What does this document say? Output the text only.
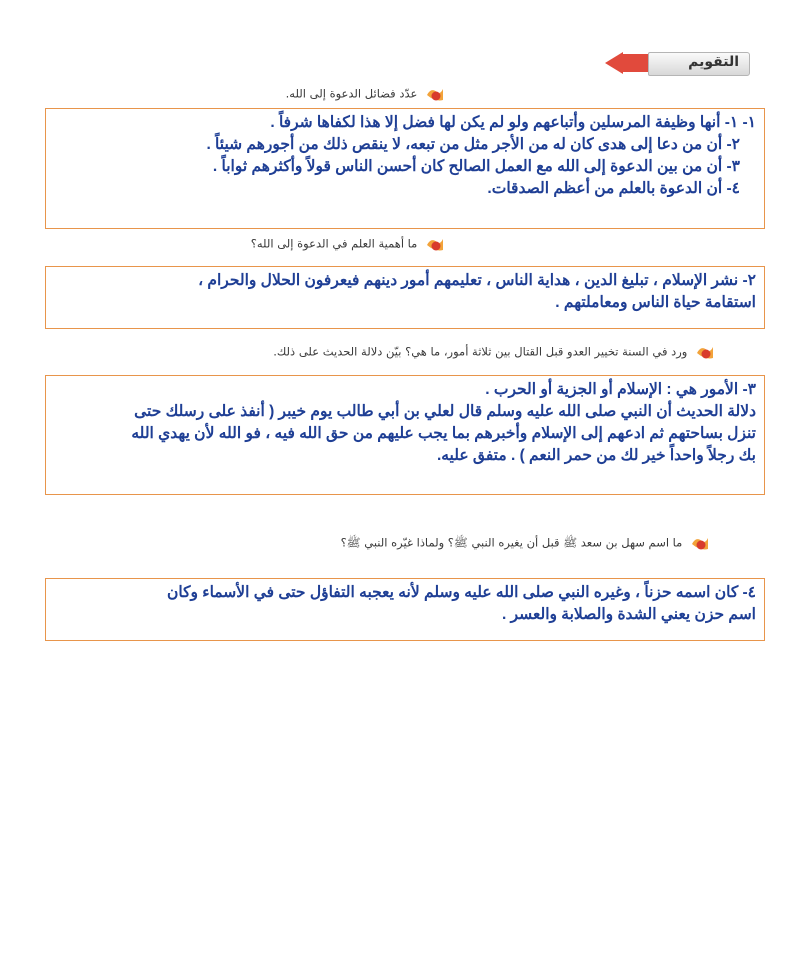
التقويم
عدّد فضائل الدعوة إلى الله.

١- ١- أنها وظيفة المرسلين وأتباعهم ولو لم يكن لها فضل إلا هذا لكفاها شرفاً .

٢- أن من دعا إلى هدى كان له من الأجر مثل من تبعه، لا ينقص ذلك من أجورهم شيئاً .

٣- أن من بين الدعوة إلى الله مع العمل الصالح كان أحسن الناس قولاً وأكثرهم ثواباً .

٤- أن الدعوة بالعلم من أعظم الصدقات.

ما أهمية العلم في الدعوة إلى الله؟

٢- نشر الإسلام ، تبليغ الدين ، هداية الناس ، تعليمهم أمور دينهم فيعرفون الحلال والحرام ،

استقامة حياة الناس ومعاملتهم .

ورد في السنة تخيير العدو قبل القتال بين ثلاثة أمور، ما هي؟ بيّن دلالة الحديث على ذلك.

٣- الأمور هي : الإسلام أو الجزية أو الحرب .

دلالة الحديث أن النبي صلى الله عليه وسلم قال لعلي بن أبي طالب يوم خيبر ( أنفذ على رسلك حتى

تنزل بساحتهم ثم ادعهم إلى الإسلام وأخبرهم بما يجب عليهم من حق الله فيه ، فو الله لأن يهدي الله

بك رجلاً واحداً خير لك من حمر النعم ) . متفق عليه.

ما اسم سهل بن سعد ﷺ قبل أن يغيره النبي ﷺ؟ ولماذا غيّره النبي ﷺ؟

٤- كان اسمه حزناً ، وغيره النبي صلى الله عليه وسلم لأنه يعجبه التفاؤل حتى في الأسماء وكان

اسم حزن يعني الشدة والصلابة والعسر .
